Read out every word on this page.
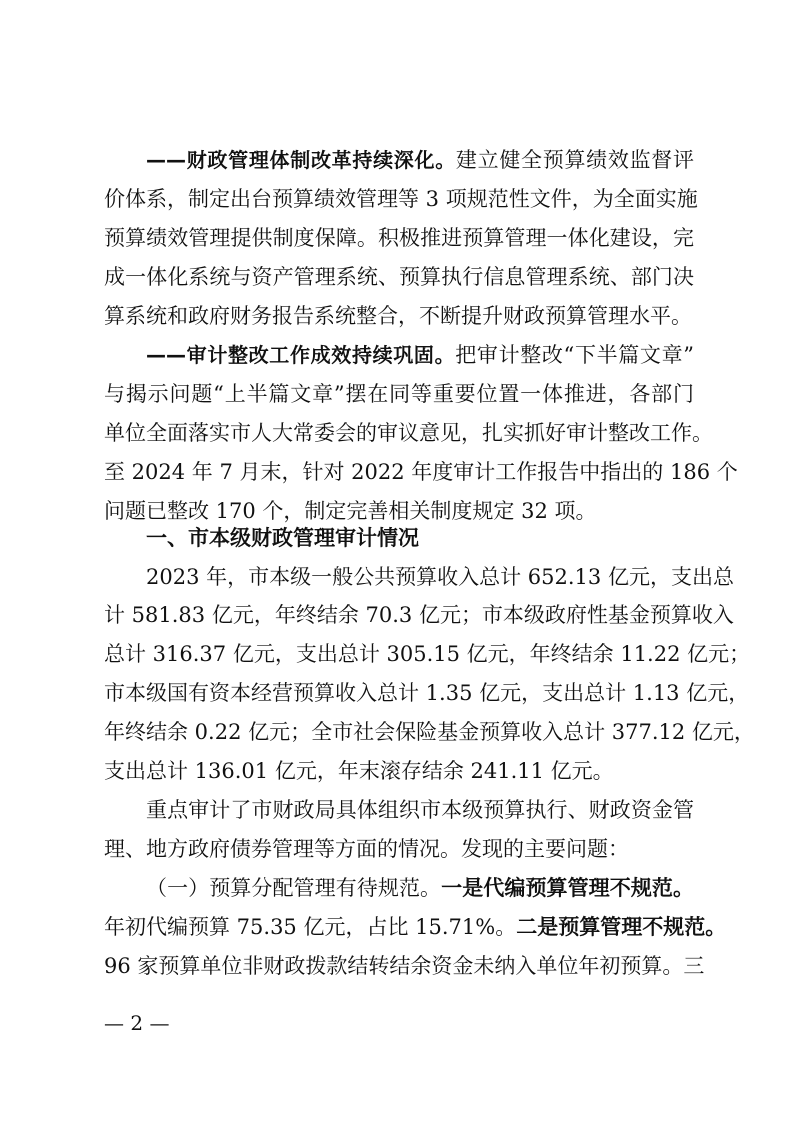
——财政管理体制改革持续深化。建立健全预算绩效监督评
价体系，制定出台预算绩效管理等 3 项规范性文件，为全面实施
预算绩效管理提供制度保障。积极推进预算管理一体化建设，完
成一体化系统与资产管理系统、预算执行信息管理系统、部门决
算系统和政府财务报告系统整合，不断提升财政预算管理水平。
——审计整改工作成效持续巩固。把审计整改“下半篇文章”
与揭示问题“上半篇文章”摆在同等重要位置一体推进，各部门
单位全面落实市人大常委会的审议意见，扎实抓好审计整改工作。
至 2024 年 7 月末，针对 2022 年度审计工作报告中指出的 186 个
问题已整改 170 个，制定完善相关制度规定 32 项。
一、市本级财政管理审计情况
2023 年，市本级一般公共预算收入总计 652.13 亿元，支出总
计 581.83 亿元，年终结余 70.3 亿元；市本级政府性基金预算收入
总计 316.37 亿元，支出总计 305.15 亿元，年终结余 11.22 亿元；
市本级国有资本经营预算收入总计 1.35 亿元，支出总计 1.13 亿元，
年终结余 0.22 亿元；全市社会保险基金预算收入总计 377.12 亿元，
支出总计 136.01 亿元，年末滚存结余 241.11 亿元。
重点审计了市财政局具体组织市本级预算执行、财政资金管
理、地方政府债券管理等方面的情况。发现的主要问题：
（一）预算分配管理有待规范。一是代编预算管理不规范。
年初代编预算 75.35 亿元，占比 15.71%。二是预算管理不规范。
96 家预算单位非财政拨款结转结余资金未纳入单位年初预算。三
— 2 —
